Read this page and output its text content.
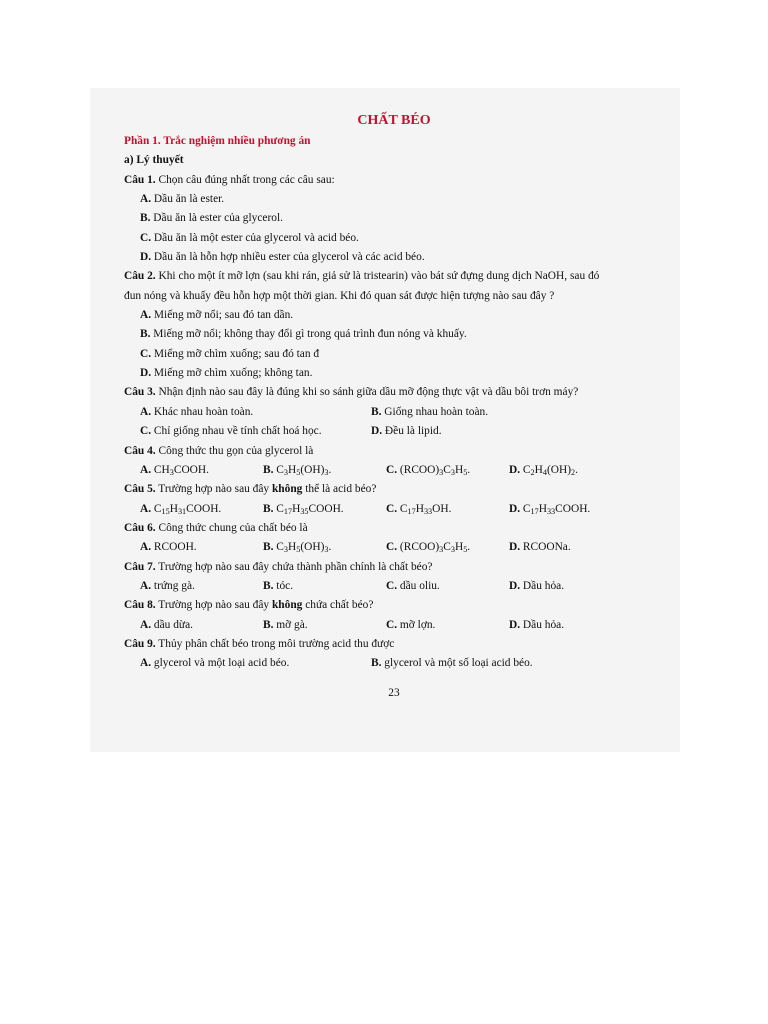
CHẤT BÉO
Phần 1. Trắc nghiệm nhiều phương án
a) Lý thuyết
Câu 1. Chọn câu đúng nhất trong các câu sau:
A. Dầu ăn là ester.
B. Dầu ăn là ester của glycerol.
C. Dầu ăn là một ester của glycerol và acid béo.
D. Dầu ăn là hỗn hợp nhiều ester của glycerol và các acid béo.
Câu 2. Khi cho một ít mỡ lợn (sau khi rán, giả sử là tristearin) vào bát sứ đựng dung dịch NaOH, sau đó
đun nóng và khuấy đều hỗn hợp một thời gian. Khi đó quan sát được hiện tượng nào sau đây ?
A. Miếng mỡ nổi; sau đó tan dần.
B. Miếng mỡ nổi; không thay đổi gì trong quá trình đun nóng và khuấy.
C. Miếng mỡ chìm xuống; sau đó tan đ
D. Miếng mỡ chìm xuống; không tan.
Câu 3. Nhận định nào sau đây là đúng khi so sánh giữa dầu mỡ động thực vật và dầu bôi trơn máy?
A. Khác nhau hoàn toàn.	B. Giống nhau hoàn toàn.
C. Chỉ giống nhau về tính chất hoá học.	D. Đều là lipid.
Câu 4. Công thức thu gọn của glycerol là
A. $CH_3COOH$.	B. $C_3H_5(OH)_3$.	C. $(RCOO)_3C_3H_5$.	D. $C_2H_4(OH)_2$.
Câu 5. Trường hợp nào sau đây không thể là acid béo?
A. $C_{15}H_{31}COOH$.	B. $C_{17}H_{35}COOH$.	C. $C_{17}H_{33}OH$.	D. $C_{17}H_{33}COOH$.
Câu 6. Công thức chung của chất béo là
A. RCOOH.	B. $C_3H_5(OH)_3$.	C. $(RCOO)_3C_3H_5$.	D. RCOONa.
Câu 7. Trường hợp nào sau đây chứa thành phần chính là chất béo?
A. trứng gà.	B. tóc.	C. dầu oliu.	D. Dầu hỏa.
Câu 8. Trường hợp nào sau đây không chứa chất béo?
A. dầu dừa.	B. mỡ gà.	C. mỡ lợn.	D. Dầu hỏa.
Câu 9. Thủy phân chất béo trong môi trường acid thu được
A. glycerol và một loại acid béo.	B. glycerol và một số loại acid béo.
23
